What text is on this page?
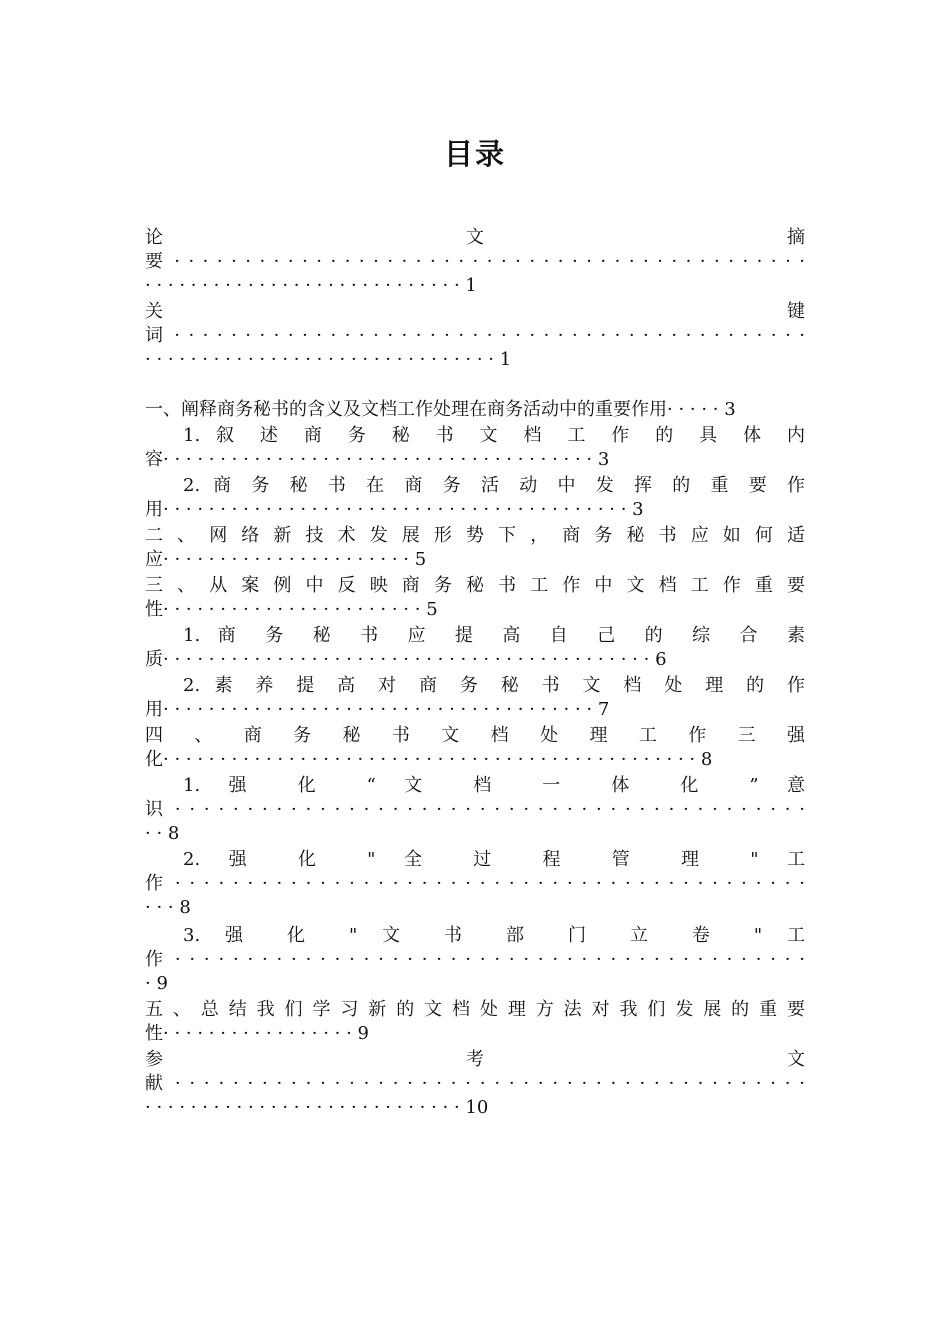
目录
论 文 摘
要 · · · · · · · · · · · · · · · · · · · · · · · · · · · · · · · · · · · · · · · · · · · · ·
· · · · · · · · · · · · · · · · · · · · · · · · · · · · 1
关 键
词 · · · · · · · · · · · · · · · · · · · · · · · · · · · · · · · · · · · · · · · · · · · · ·
· · · · · · · · · · · · · · · · · · · · · · · · · · · · · · · 1
一、阐释商务秘书的含义及文档工作处理在商务活动中的重要作用· · · · · 3
1. 叙 述 商 务 秘 书 文 档 工 作 的 具 体 内
容· · · · · · · · · · · · · · · · · · · · · · · · · · · · · · · · · · · · · · 3
2. 商 务 秘 书 在 商 务 活 动 中 发 挥 的 重 要 作
用· · · · · · · · · · · · · · · · · · · · · · · · · · · · · · · · · · · · · · · · · 3
二 、 网 络 新 技 术 发 展 形 势 下 ， 商 务 秘 书 应 如 何 适
应· · · · · · · · · · · · · · · · · · · · · · 5
三 、 从 案 例 中 反 映 商 务 秘 书 工 作 中 文 档 工 作 重 要
性· · · · · · · · · · · · · · · · · · · · · · · 5
1. 商 务 秘 书 应 提 高 自 己 的 综 合 素
质· · · · · · · · · · · · · · · · · · · · · · · · · · · · · · · · · · · · · · · · · · · 6
2. 素 养 提 高 对 商 务 秘 书 文 档 处 理 的 作
用· · · · · · · · · · · · · · · · · · · · · · · · · · · · · · · · · · · · · · 7
四 、 商 务 秘 书 文 档 处 理 工 作 三 强
化· · · · · · · · · · · · · · · · · · · · · · · · · · · · · · · · · · · · · · · · · · · · · · · 8
1. 强 化 “ 文 档 一 体 化 ” 意
识 · · · · · · · · · · · · · · · · · · · · · · · · · · · · · · · · · · · · · · · · · · · ·
· · 8
2. 强 化 " 全 过 程 管 理 " 工
作 · · · · · · · · · · · · · · · · · · · · · · · · · · · · · · · · · · · · · · · · · · · ·
· · · 8
3. 强 化 " 文 书 部 门 立 卷 " 工
作 · · · · · · · · · · · · · · · · · · · · · · · · · · · · · · · · · · · · · · · · · · · ·
· 9
五 、 总 结 我 们 学 习 新 的 文 档 处 理 方 法 对 我 们 发 展 的 重 要
性· · · · · · · · · · · · · · · · · 9
参 考 文
献 · · · · · · · · · · · · · · · · · · · · · · · · · · · · · · · · · · · · · · · · · · · ·
· · · · · · · · · · · · · · · · · · · · · · · · · · · · 10
